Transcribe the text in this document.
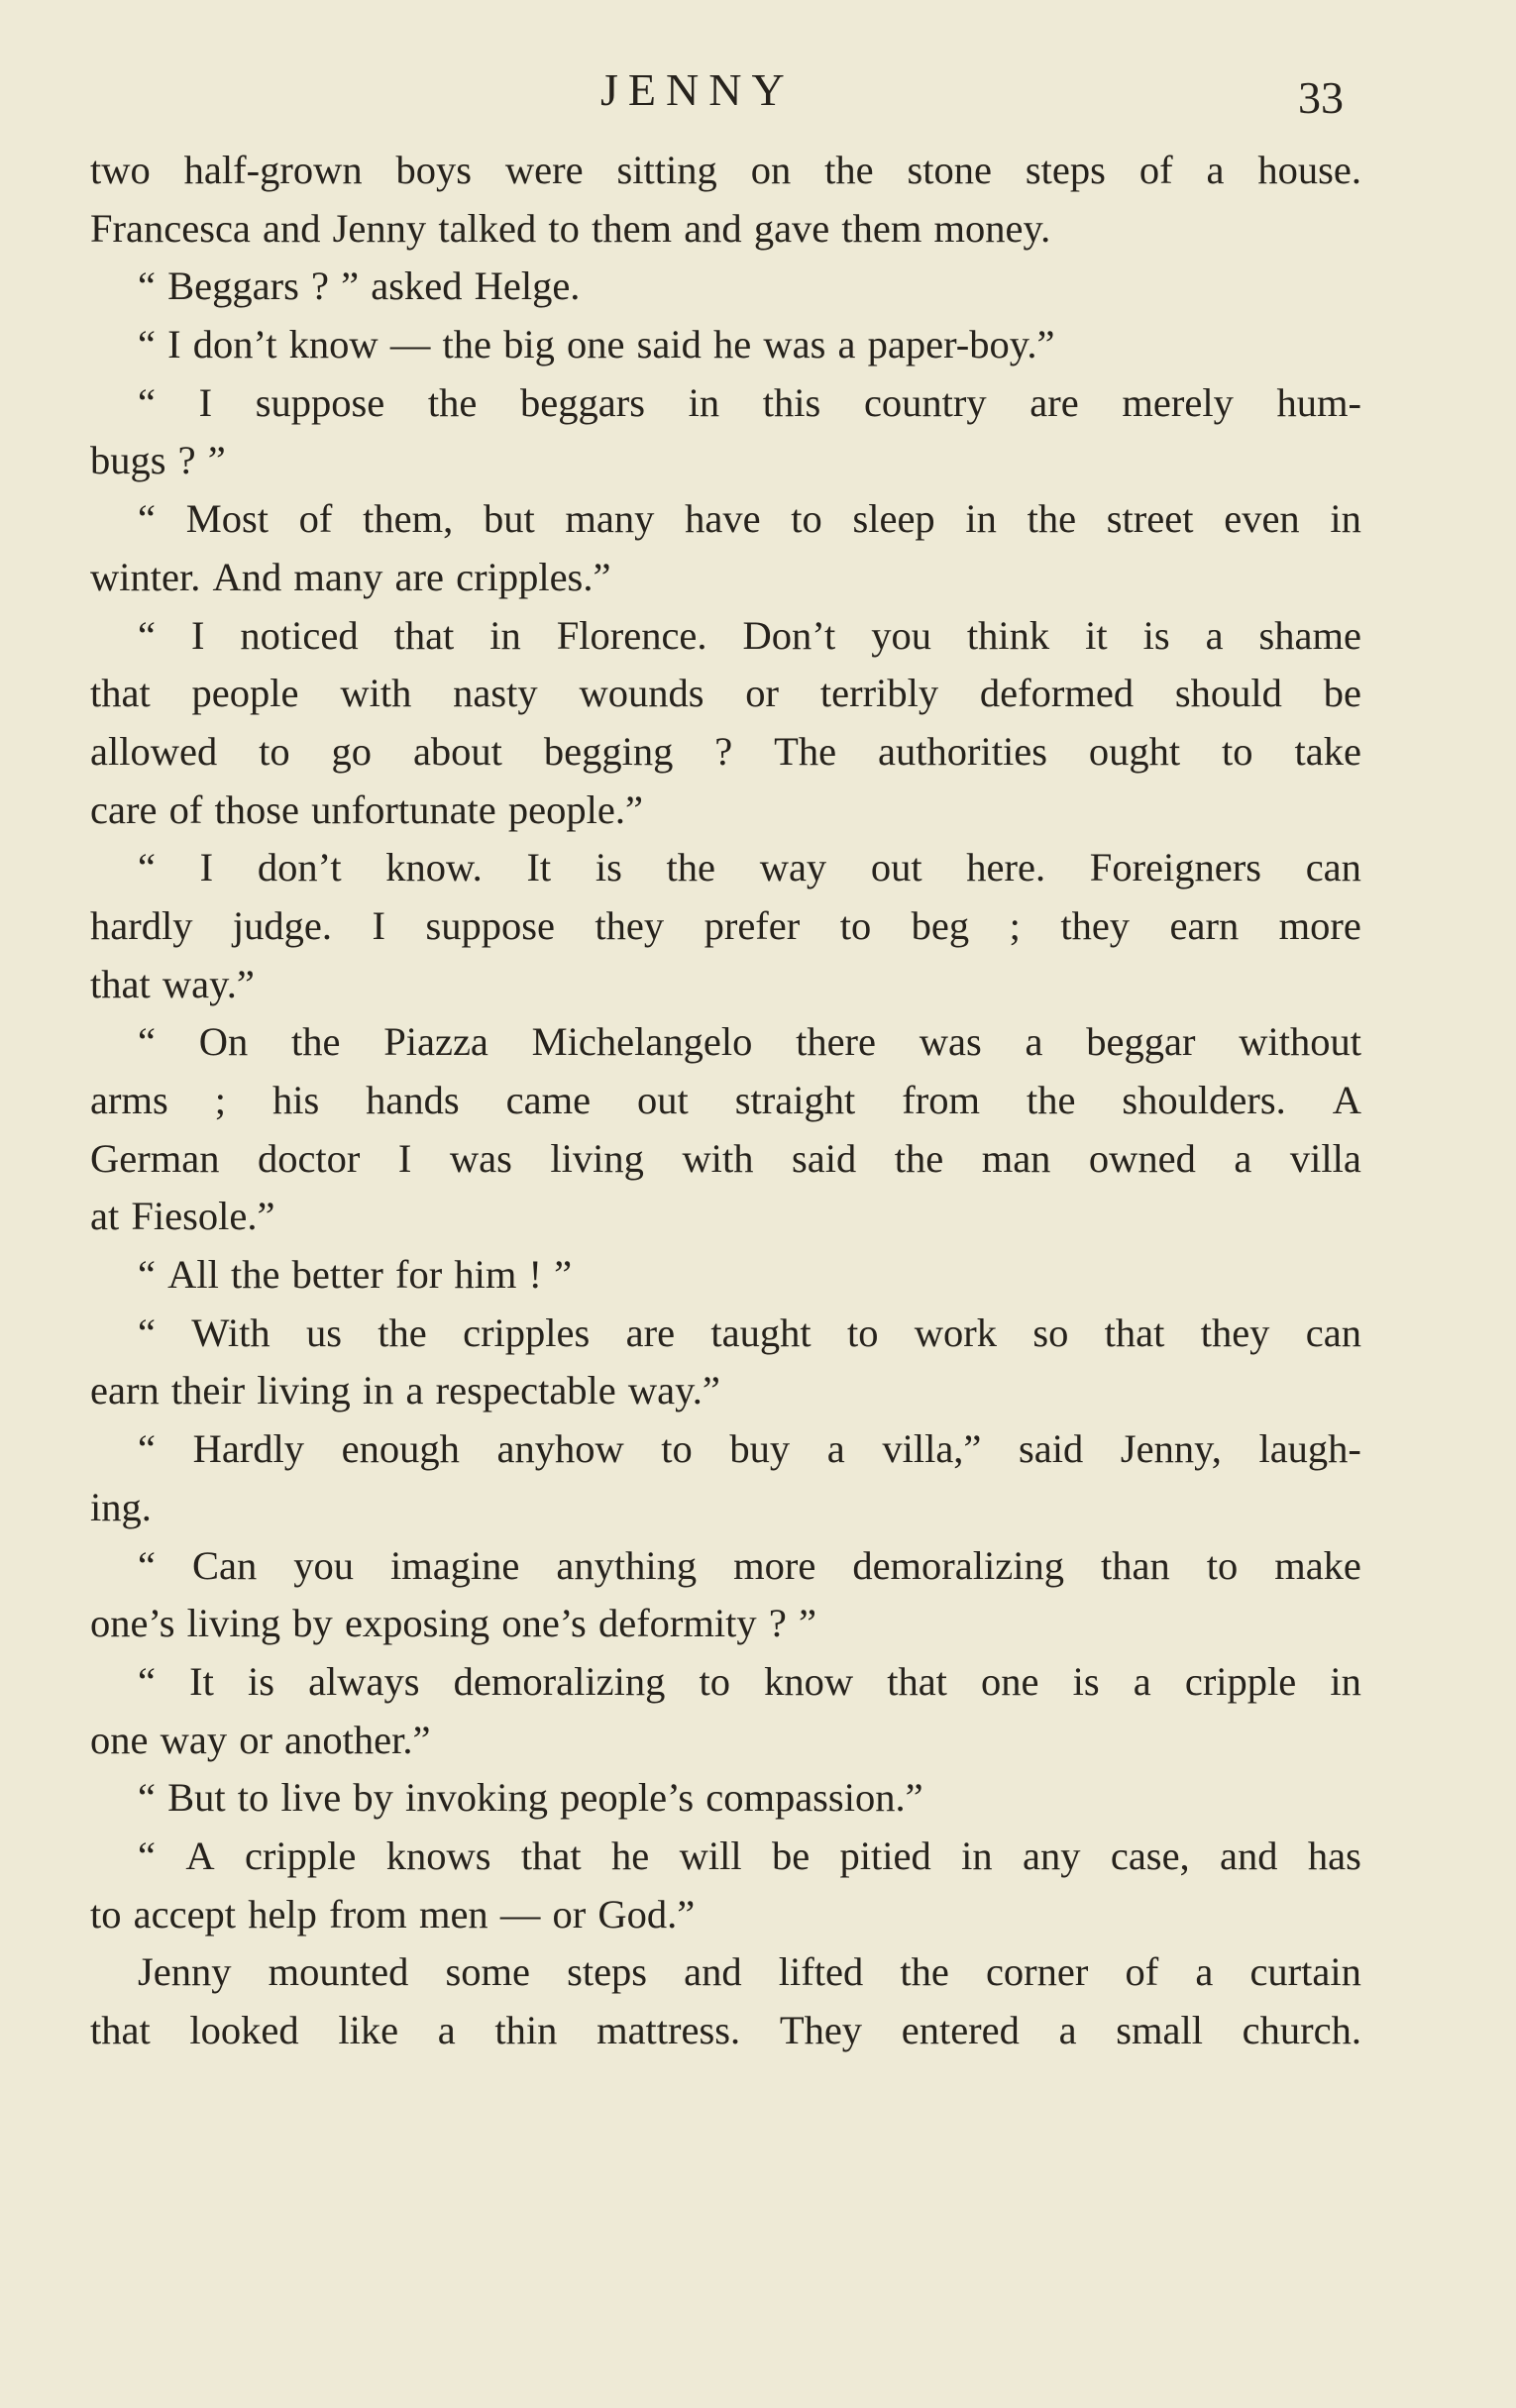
JENNY	33
two half-grown boys were sitting on the stone steps of a house.
Francesca and Jenny talked to them and gave them money.
“ Beggars ? ” asked Helge.
“ I don’t know — the big one said he was a paper-boy.”
“ I suppose the beggars in this country are merely hum-
bugs ? ”
“ Most of them, but many have to sleep in the street even in
winter. And many are cripples.”
“ I noticed that in Florence. Don’t you think it is a shame
that people with nasty wounds or terribly deformed should be
allowed to go about begging ? The authorities ought to take
care of those unfortunate people.”
“ I don’t know. It is the way out here. Foreigners can
hardly judge. I suppose they prefer to beg ; they earn more
that way.”
“ On the Piazza Michelangelo there was a beggar without
arms ; his hands came out straight from the shoulders. A
German doctor I was living with said the man owned a villa
at Fiesole.”
“ All the better for him ! ”
“ With us the cripples are taught to work so that they can
earn their living in a respectable way.”
“ Hardly enough anyhow to buy a villa,” said Jenny, laugh-
ing.
“ Can you imagine anything more demoralizing than to make
one’s living by exposing one’s deformity ? ”
“ It is always demoralizing to know that one is a cripple in
one way or another.”
“ But to live by invoking people’s compassion.”
“ A cripple knows that he will be pitied in any case, and has
to accept help from men — or God.”
Jenny mounted some steps and lifted the corner of a curtain
that looked like a thin mattress. They entered a small church.
